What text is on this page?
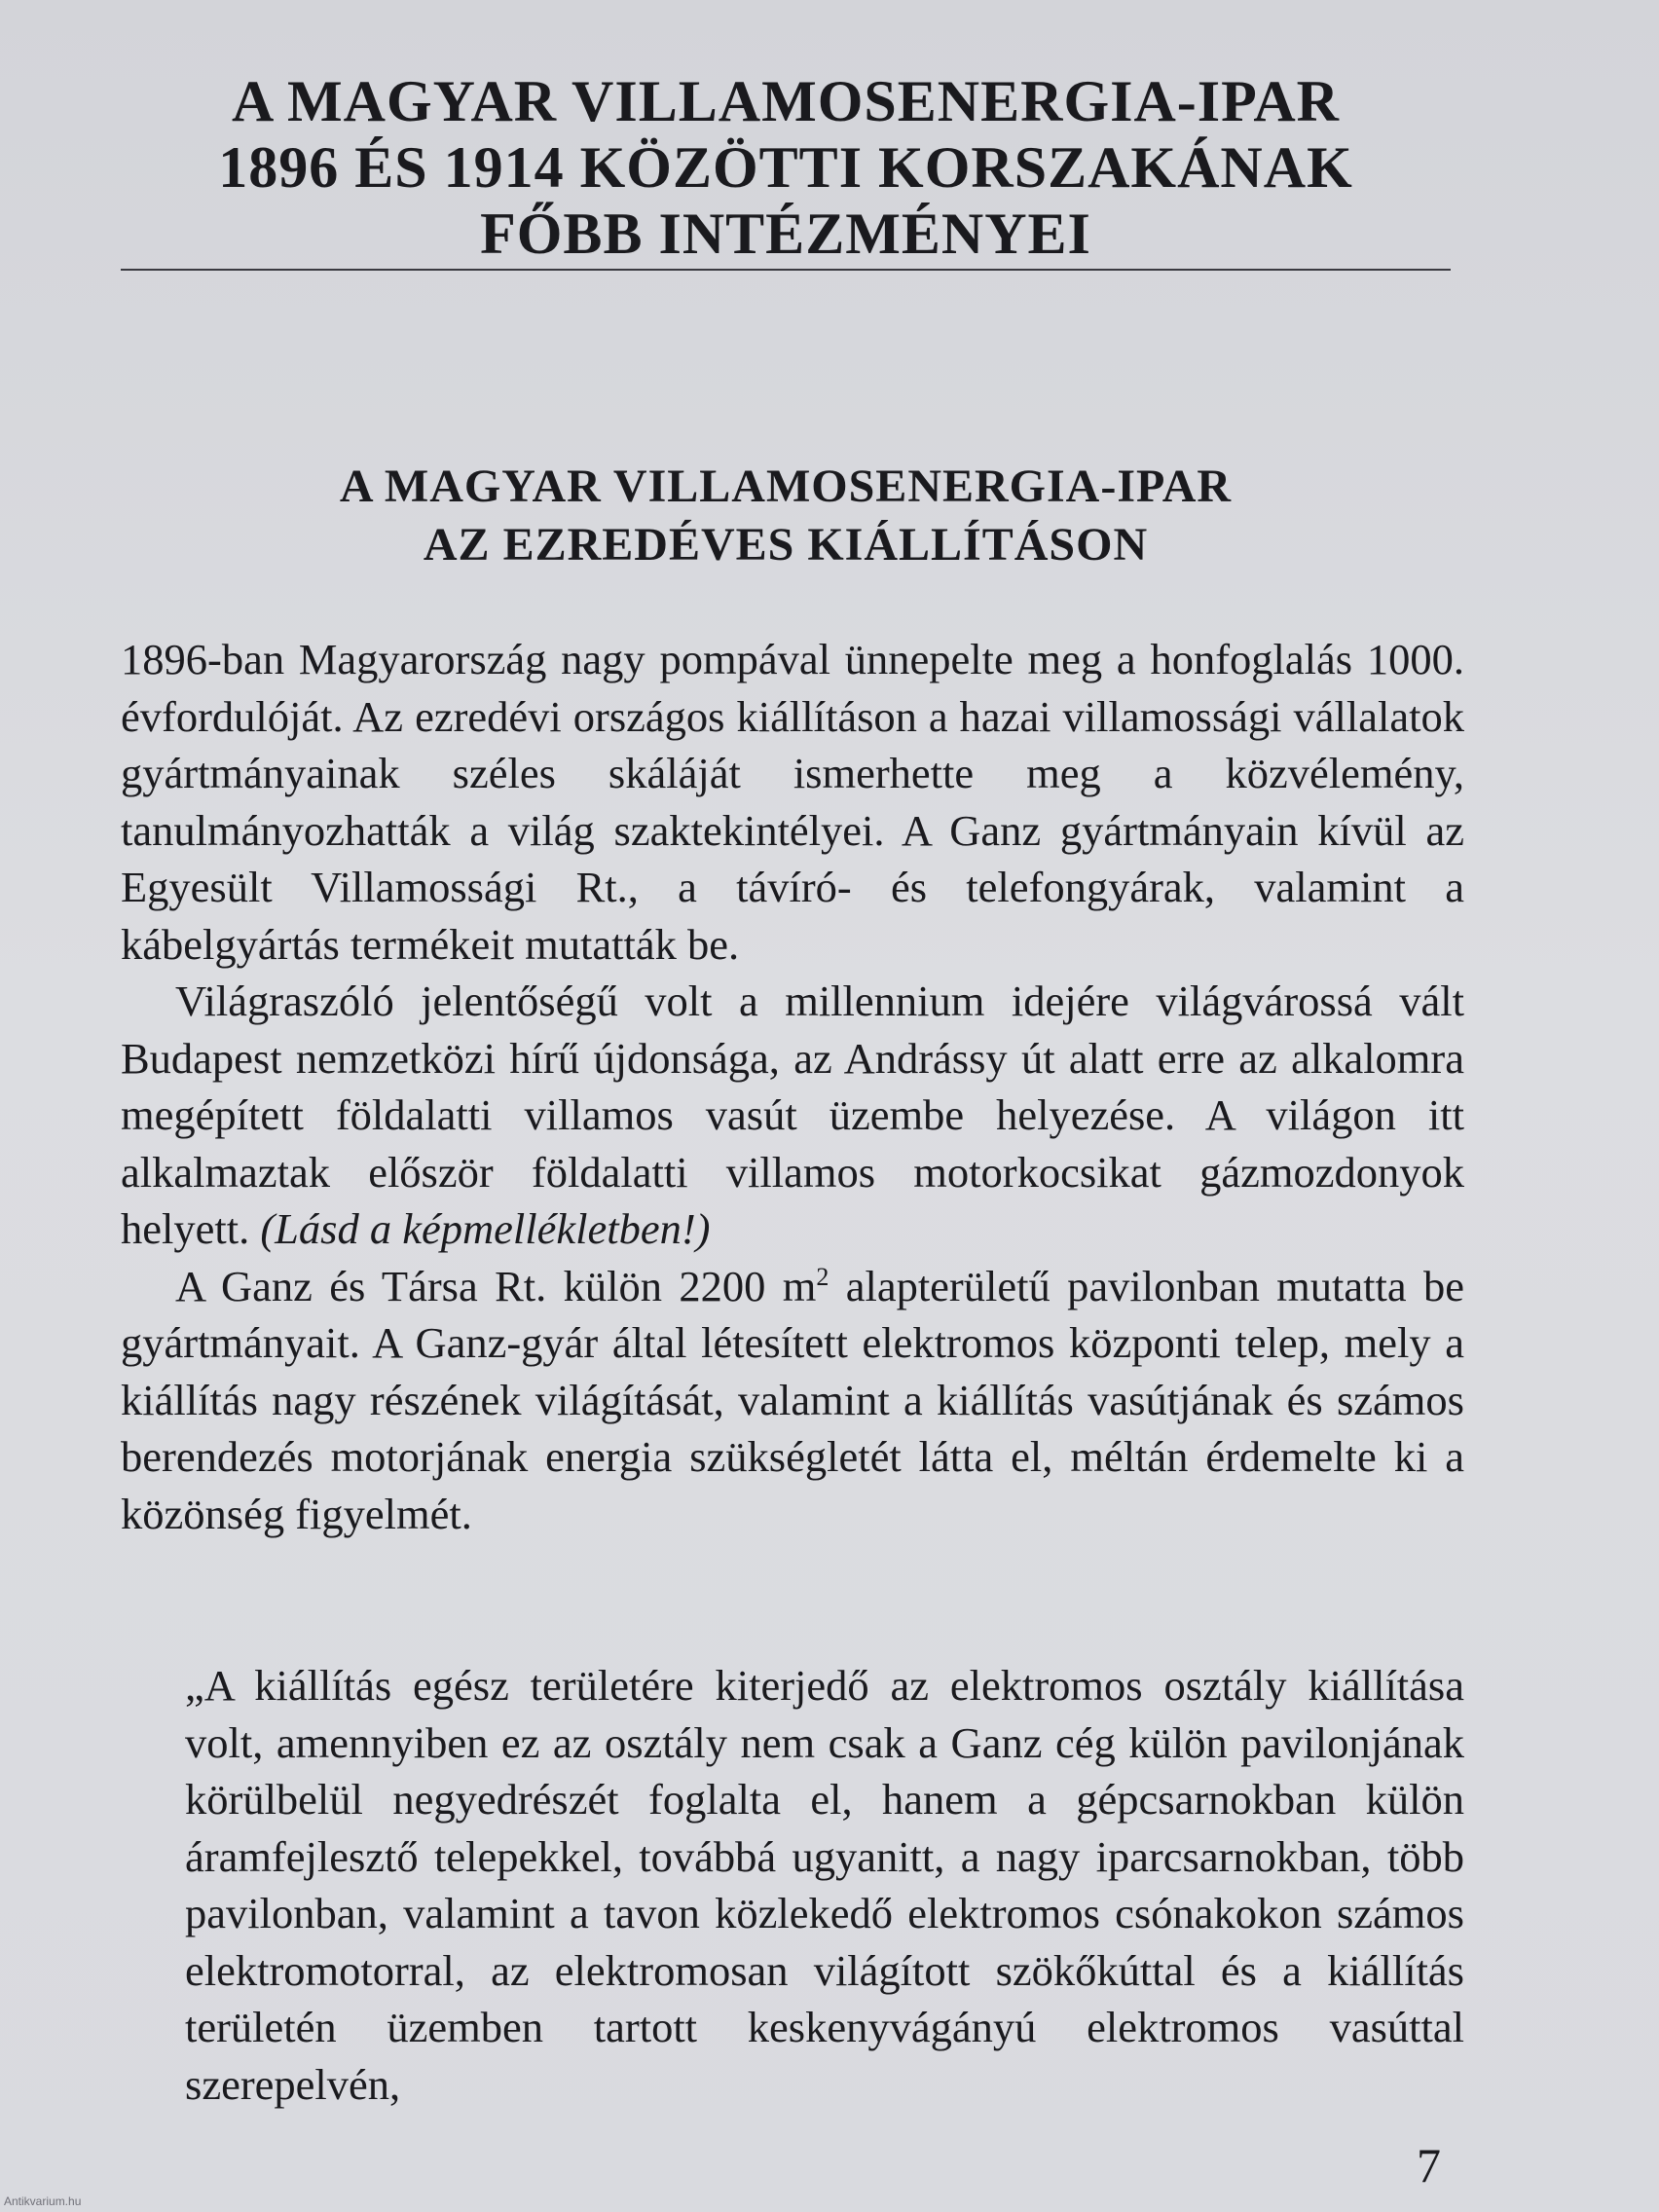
A MAGYAR VILLAMOSENERGIA-IPAR
1896 ÉS 1914 KÖZÖTTI KORSZAKÁNAK
FŐBB INTÉZMÉNYEI
A MAGYAR VILLAMOSENERGIA-IPAR
AZ EZREDÉVES KIÁLLÍTÁSON

1896-ban Magyarország nagy pompával ünnepelte meg a honfoglalás 1000. évfordulóját. Az ezredévi országos kiállításon a hazai villamossági vállalatok gyártmányainak széles skáláját ismerhette meg a közvélemény, tanulmányozhatták a világ szaktekintélyei. A Ganz gyártmányain kívül az Egyesült Villamossági Rt., a távíró- és telefongyárak, valamint a kábelgyártás termékeit mutatták be.

Világraszóló jelentőségű volt a millennium idejére világvárossá vált Budapest nemzetközi hírű újdonsága, az Andrássy út alatt erre az alkalomra megépített földalatti villamos vasút üzembe helyezése. A világon itt alkalmaztak először földalatti villamos motorkocsikat gázmozdonyok helyett. (Lásd a képmellékletben!)

A Ganz és Társa Rt. külön 2200 $m^2$ alapterületű pavilonban mutatta be gyártmányait. A Ganz-gyár által létesített elektromos központi telep, mely a kiállítás nagy részének világítását, valamint a kiállítás vasútjának és számos berendezés motorjának energia szükségletét látta el, méltán érdemelte ki a közönség figyelmét.

„A kiállítás egész területére kiterjedő az elektromos osztály kiállítása volt, amennyiben ez az osztály nem csak a Ganz cég külön pavilonjának körülbelül negyedrészét foglalta el, hanem a gépcsarnokban külön áramfejlesztő telepekkel, továbbá ugyanitt, a nagy iparcsarnokban, több pavilonban, valamint a tavon közlekedő elektromos csónakokon számos elektromotorral, az elektromosan világított szökőkúttal és a kiállítás területén üzemben tartott keskenyvágányú elektromos vasúttal szerepelvén,

7
Antikvarium.hu
